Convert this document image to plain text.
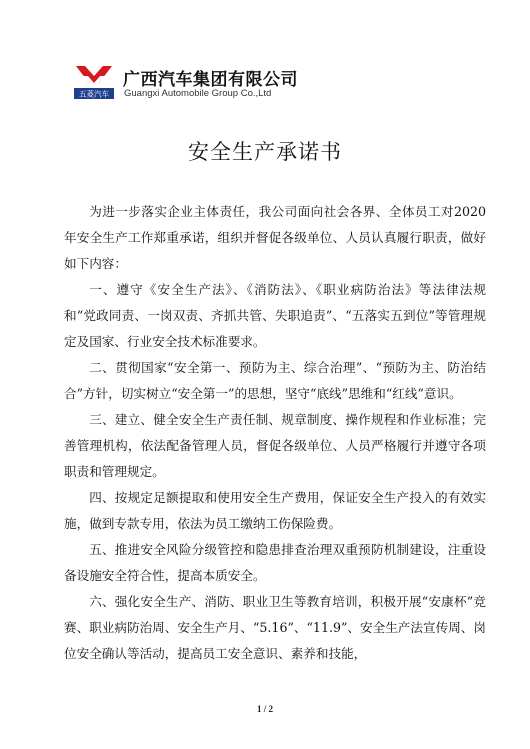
五菱汽车
广西汽车集团有限公司
Guangxi Automobile Group Co.,Ltd
安全生产承诺书

为进一步落实企业主体责任，我公司面向社会各界、全体员工对2020年安全生产工作郑重承诺，组织并督促各级单位、人员认真履行职责，做好如下内容：

一、遵守《安全生产法》、《消防法》、《职业病防治法》等法律法规和“党政同责、一岗双责、齐抓共管、失职追责”、“五落实五到位”等管理规定及国家、行业安全技术标准要求。

二、贯彻国家“安全第一、预防为主、综合治理”、“预防为主、防治结合”方针，切实树立“安全第一”的思想，坚守“底线”思维和“红线”意识。

三、建立、健全安全生产责任制、规章制度、操作规程和作业标准；完善管理机构，依法配备管理人员，督促各级单位、人员严格履行并遵守各项职责和管理规定。

四、按规定足额提取和使用安全生产费用，保证安全生产投入的有效实施，做到专款专用，依法为员工缴纳工伤保险费。

五、推进安全风险分级管控和隐患排查治理双重预防机制建设，注重设备设施安全符合性，提高本质安全。

六、强化安全生产、消防、职业卫生等教育培训，积极开展“安康杯”竞赛、职业病防治周、安全生产月、“5.16”、“11.9”、安全生产法宣传周、岗位安全确认等活动，提高员工安全意识、素养和技能，

1 / 2
